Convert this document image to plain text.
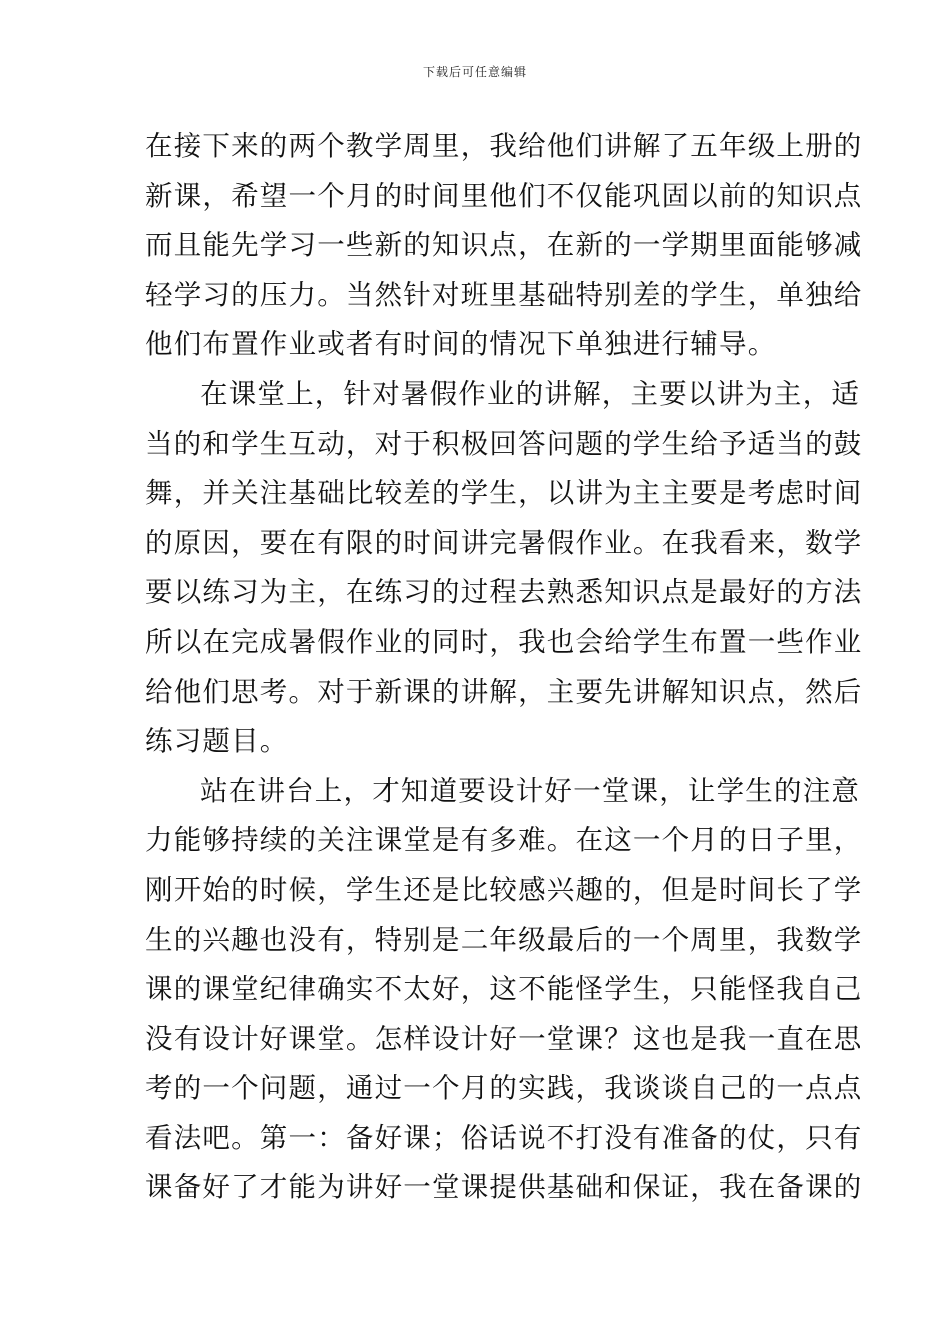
下载后可任意编辑
在接下来的两个教学周里，我给他们讲解了五年级上册的
新课，希望一个月的时间里他们不仅能巩固以前的知识点
而且能先学习一些新的知识点，在新的一学期里面能够减
轻学习的压力。当然针对班里基础特别差的学生，单独给
他们布置作业或者有时间的情况下单独进行辅导。
在课堂上，针对暑假作业的讲解，主要以讲为主，适
当的和学生互动，对于积极回答问题的学生给予适当的鼓
舞，并关注基础比较差的学生，以讲为主主要是考虑时间
的原因，要在有限的时间讲完暑假作业。在我看来，数学
要以练习为主，在练习的过程去熟悉知识点是最好的方法
所以在完成暑假作业的同时，我也会给学生布置一些作业
给他们思考。对于新课的讲解，主要先讲解知识点，然后
练习题目。
站在讲台上，才知道要设计好一堂课，让学生的注意
力能够持续的关注课堂是有多难。在这一个月的日子里，
刚开始的时候，学生还是比较感兴趣的，但是时间长了学
生的兴趣也没有，特别是二年级最后的一个周里，我数学
课的课堂纪律确实不太好，这不能怪学生，只能怪我自己
没有设计好课堂。怎样设计好一堂课？这也是我一直在思
考的一个问题，通过一个月的实践，我谈谈自己的一点点
看法吧。第一：备好课；俗话说不打没有准备的仗，只有
课备好了才能为讲好一堂课提供基础和保证，我在备课的
